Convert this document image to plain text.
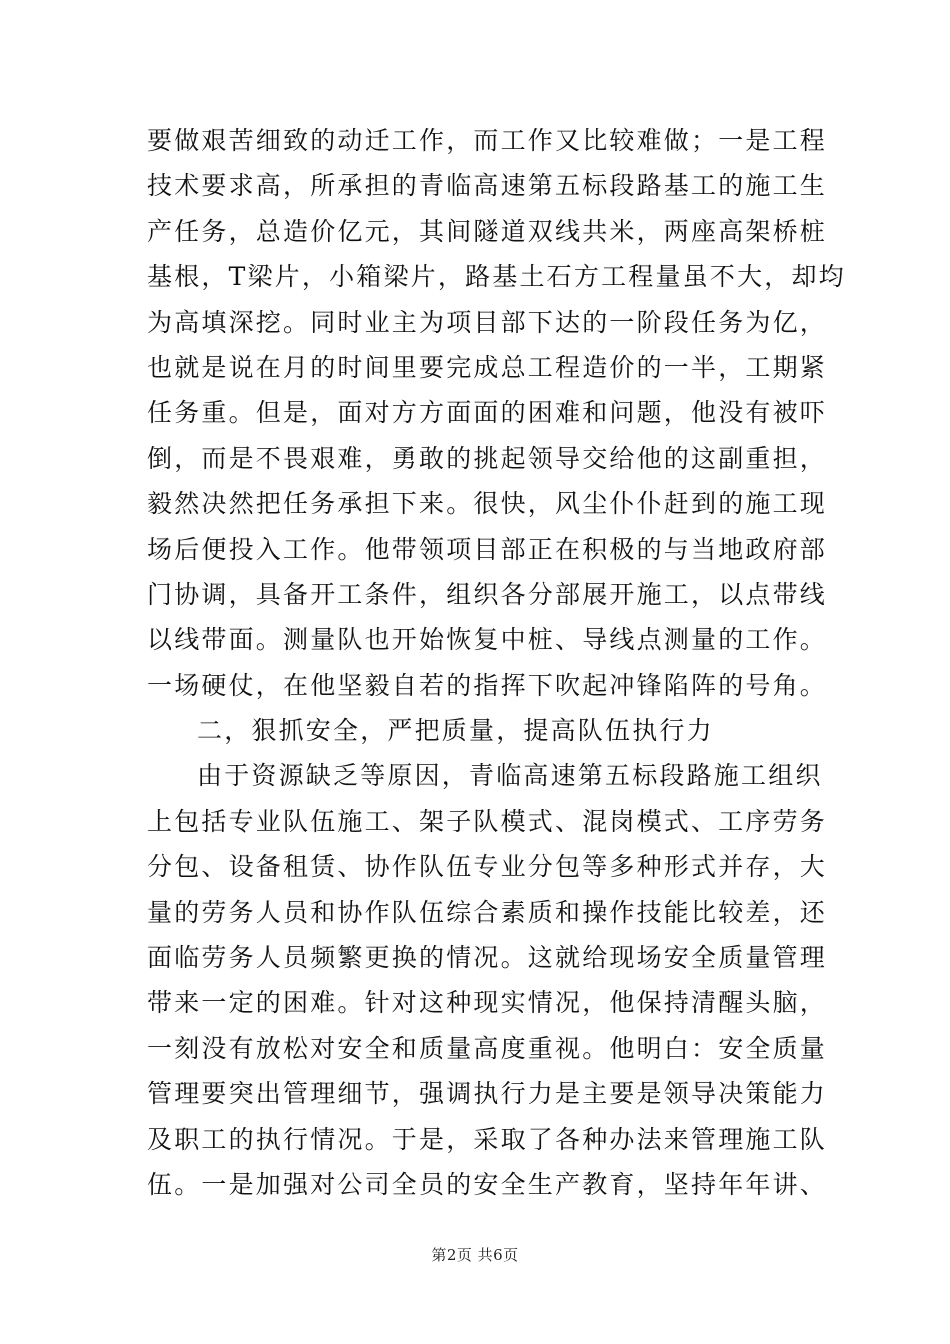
要做艰苦细致的动迁工作，而工作又比较难做；一是工程
技术要求高，所承担的青临高速第五标段路基工的施工生
产任务，总造价亿元，其间隧道双线共米，两座高架桥桩
基根，T梁片，小箱梁片，路基土石方工程量虽不大，却均
为高填深挖。同时业主为项目部下达的一阶段任务为亿，
也就是说在月的时间里要完成总工程造价的一半，工期紧
任务重。但是，面对方方面面的困难和问题，他没有被吓
倒，而是不畏艰难，勇敢的挑起领导交给他的这副重担，
毅然决然把任务承担下来。很快，风尘仆仆赶到的施工现
场后便投入工作。他带领项目部正在积极的与当地政府部
门协调，具备开工条件，组织各分部展开施工，以点带线
以线带面。测量队也开始恢复中桩、导线点测量的工作。
一场硬仗，在他坚毅自若的指挥下吹起冲锋陷阵的号角。
二，狠抓安全，严把质量，提高队伍执行力
由于资源缺乏等原因，青临高速第五标段路施工组织
上包括专业队伍施工、架子队模式、混岗模式、工序劳务
分包、设备租赁、协作队伍专业分包等多种形式并存，大
量的劳务人员和协作队伍综合素质和操作技能比较差，还
面临劳务人员频繁更换的情况。这就给现场安全质量管理
带来一定的困难。针对这种现实情况，他保持清醒头脑，
一刻没有放松对安全和质量高度重视。他明白：安全质量
管理要突出管理细节，强调执行力是主要是领导决策能力
及职工的执行情况。于是，采取了各种办法来管理施工队
伍。一是加强对公司全员的安全生产教育，坚持年年讲、
第2页 共6页
